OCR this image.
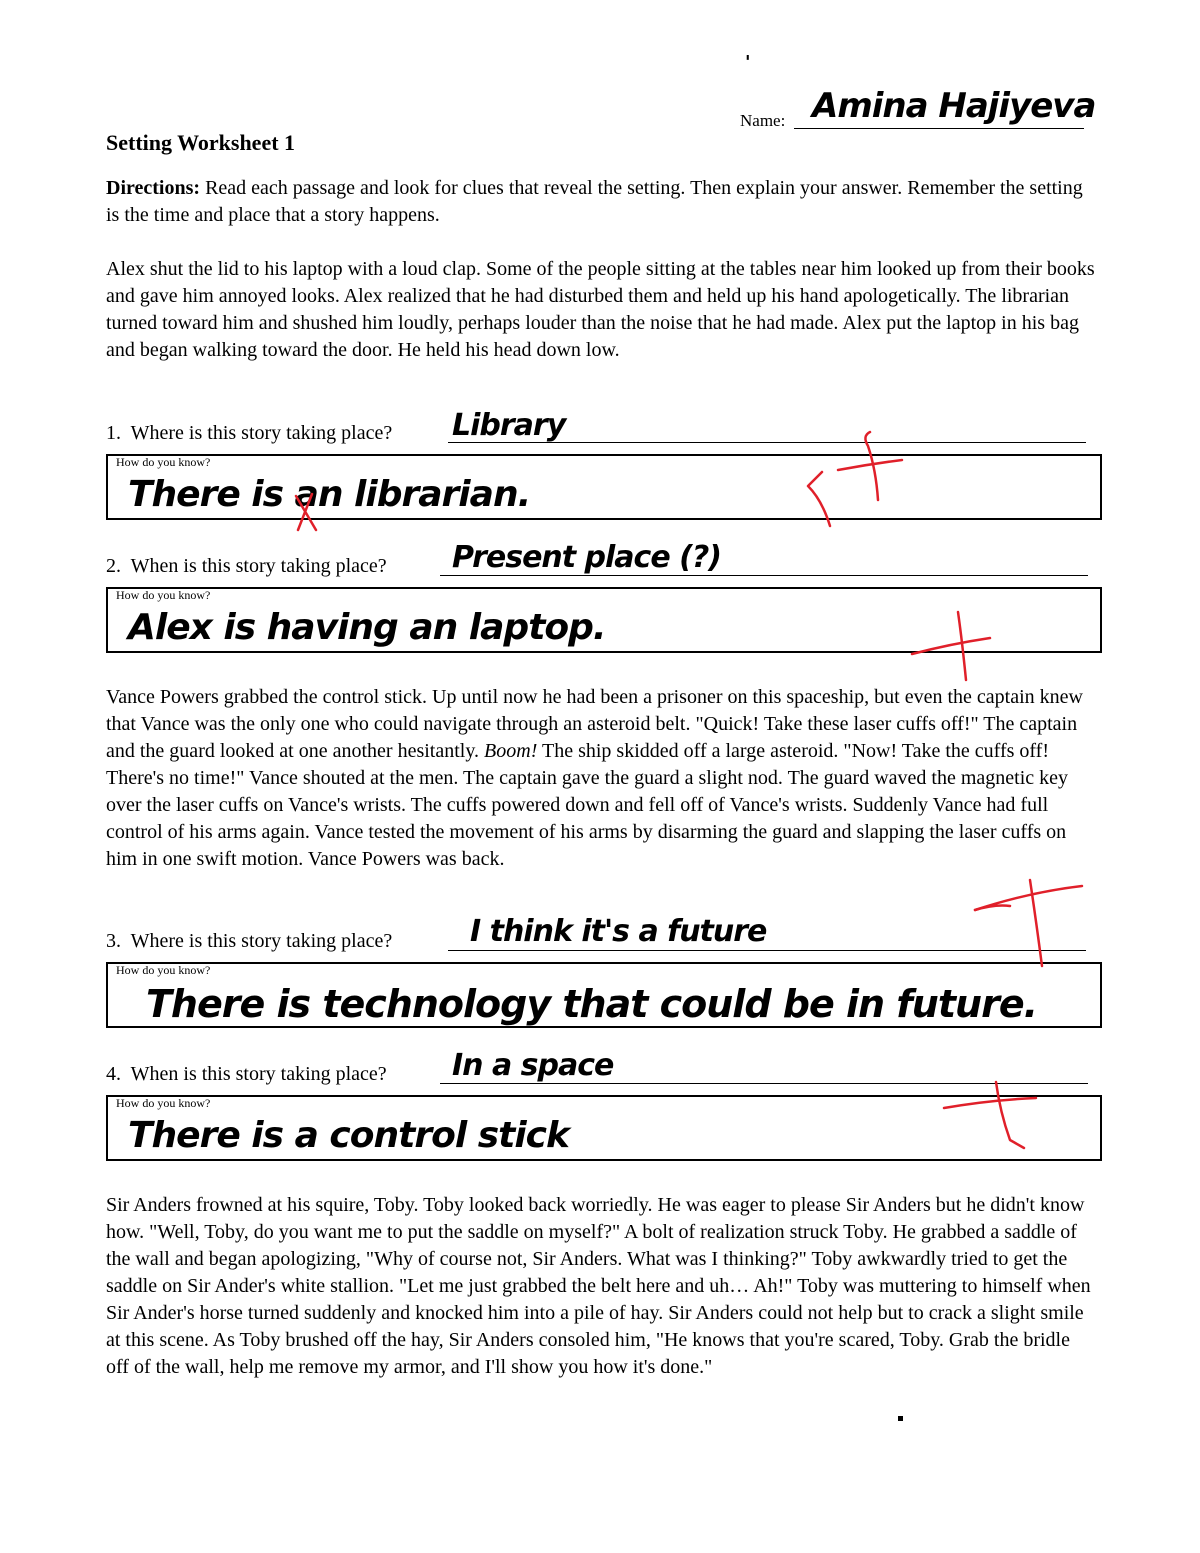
'
Name: Amina Hajiyeva
Setting Worksheet 1
Directions: Read each passage and look for clues that reveal the setting. Then explain your answer. Remember the setting is the time and place that a story happens.
Alex shut the lid to his laptop with a loud clap. Some of the people sitting at the tables near him looked up from their books and gave him annoyed looks. Alex realized that he had disturbed them and held up his hand apologetically. The librarian turned toward him and shushed him loudly, perhaps louder than the noise that he had made. Alex put the laptop in his bag and began walking toward the door. He held his head down low.
1. Where is this story taking place? Library
How do you know?
There is an librarian.
2. When is this story taking place? Present place (?)
How do you know?
Alex is having an laptop.
Vance Powers grabbed the control stick. Up until now he had been a prisoner on this spaceship, but even the captain knew that Vance was the only one who could navigate through an asteroid belt. "Quick! Take these laser cuffs off!" The captain and the guard looked at one another hesitantly. Boom! The ship skidded off a large asteroid. "Now! Take the cuffs off! There's no time!" Vance shouted at the men. The captain gave the guard a slight nod. The guard waved the magnetic key over the laser cuffs on Vance's wrists. The cuffs powered down and fell off of Vance's wrists. Suddenly Vance had full control of his arms again. Vance tested the movement of his arms by disarming the guard and slapping the laser cuffs on him in one swift motion. Vance Powers was back.
3. Where is this story taking place?	I think it's a future
How do you know?
There is technology that could be in future.
4. When is this story taking place? In a space
How do you know?
There is a control stick
Sir Anders frowned at his squire, Toby. Toby looked back worriedly. He was eager to please Sir Anders but he didn't know how. "Well, Toby, do you want me to put the saddle on myself?" A bolt of realization struck Toby. He grabbed a saddle of the wall and began apologizing, "Why of course not, Sir Anders. What was I thinking?" Toby awkwardly tried to get the saddle on Sir Ander's white stallion. "Let me just grabbed the belt here and uh… Ah!" Toby was muttering to himself when Sir Ander's horse turned suddenly and knocked him into a pile of hay. Sir Anders could not help but to crack a slight smile at this scene. As Toby brushed off the hay, Sir Anders consoled him, "He knows that you're scared, Toby. Grab the bridle off of the wall, help me remove my armor, and I'll show you how it's done."
